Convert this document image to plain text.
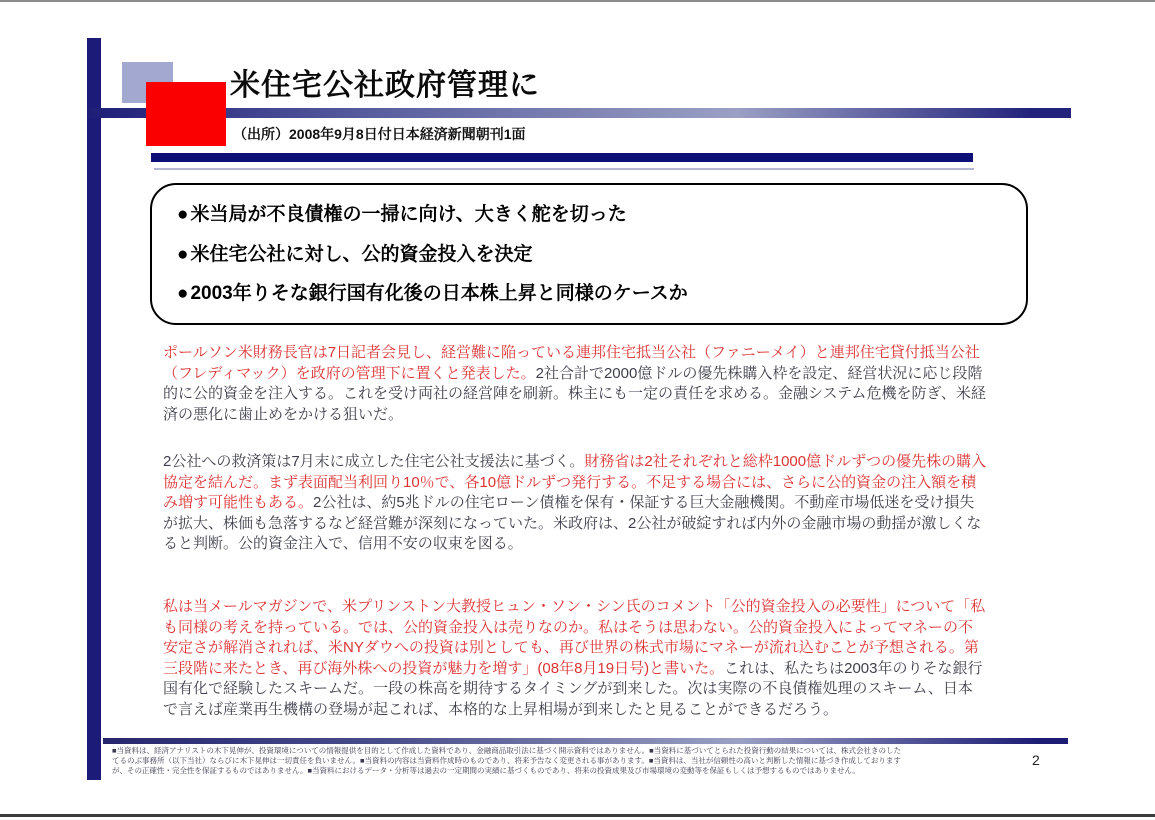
米住宅公社政府管理に
（出所）2008年9月8日付日本経済新聞朝刊1面
● 米当局が不良債権の一掃に向け、大きく舵を切った
● 米住宅公社に対し、公的資金投入を決定
● 2003年りそな銀行国有化後の日本株上昇と同様のケースか
ポールソン米財務長官は7日記者会見し、経営難に陥っている連邦住宅抵当公社（ファニーメイ）と連邦住宅貸付抵当公社（フレディマック）を政府の管理下に置くと発表した。2社合計で2000億ドルの優先株購入枠を設定、経営状況に応じ段階的に公的資金を注入する。これを受け両社の経営陣を刷新。株主にも一定の責任を求める。金融システム危機を防ぎ、米経済の悪化に歯止めをかける狙いだ。
2公社への救済策は7月末に成立した住宅公社支援法に基づく。財務省は2社それぞれと総枠1000億ドルずつの優先株の購入協定を結んだ。まず表面配当利回り10％で、各10億ドルずつ発行する。不足する場合には、さらに公的資金の注入額を積み増す可能性もある。2公社は、約5兆ドルの住宅ローン債権を保有・保証する巨大金融機関。不動産市場低迷を受け損失が拡大、株価も急落するなど経営難が深刻になっていた。米政府は、2公社が破綻すれば内外の金融市場の動揺が激しくなると判断。公的資金注入で、信用不安の収束を図る。
私は当メールマガジンで、米プリンストン大教授ヒュン・ソン・シン氏のコメント「公的資金投入の必要性」について「私も同様の考えを持っている。では、公的資金投入は売りなのか。私はそうは思わない。公的資金投入によってマネーの不安定さが解消されれば、米NYダウへの投資は別としても、再び世界の株式市場にマネーが流れ込むことが予想される。第三段階に来たとき、再び海外株への投資が魅力を増す」(08年8月19日号)と書いた。これは、私たちは2003年のりそな銀行国有化で経験したスキームだ。一段の株高を期待するタイミングが到来した。次は実際の不良債権処理のスキーム、日本で言えば産業再生機構の登場が起これば、本格的な上昇相場が到来したと見ることができるだろう。
■当資料は、経済アナリストの木下晃伸が、投資環境についての情報提供を目的として作成した資料であり、金融商品取引法に基づく開示資料ではありません。■当資料に基づいてとられた投資行動の結果については、株式会社きのした
てるのぶ事務所（以下当社）ならびに木下晃伸は一切責任を負いません。■当資料の内容は当資料作成時のものであり、将来予告なく変更される事があります。■当資料は、当社が信頼性の高いと判断した情報に基づき作成しております
が、その正確性・完全性を保証するものではありません。■当資料におけるデータ・分析等は過去の一定期間の実績に基づくものであり、将来の投資成果及び市場環境の変動等を保証もしくは予想するものではありません。
2
